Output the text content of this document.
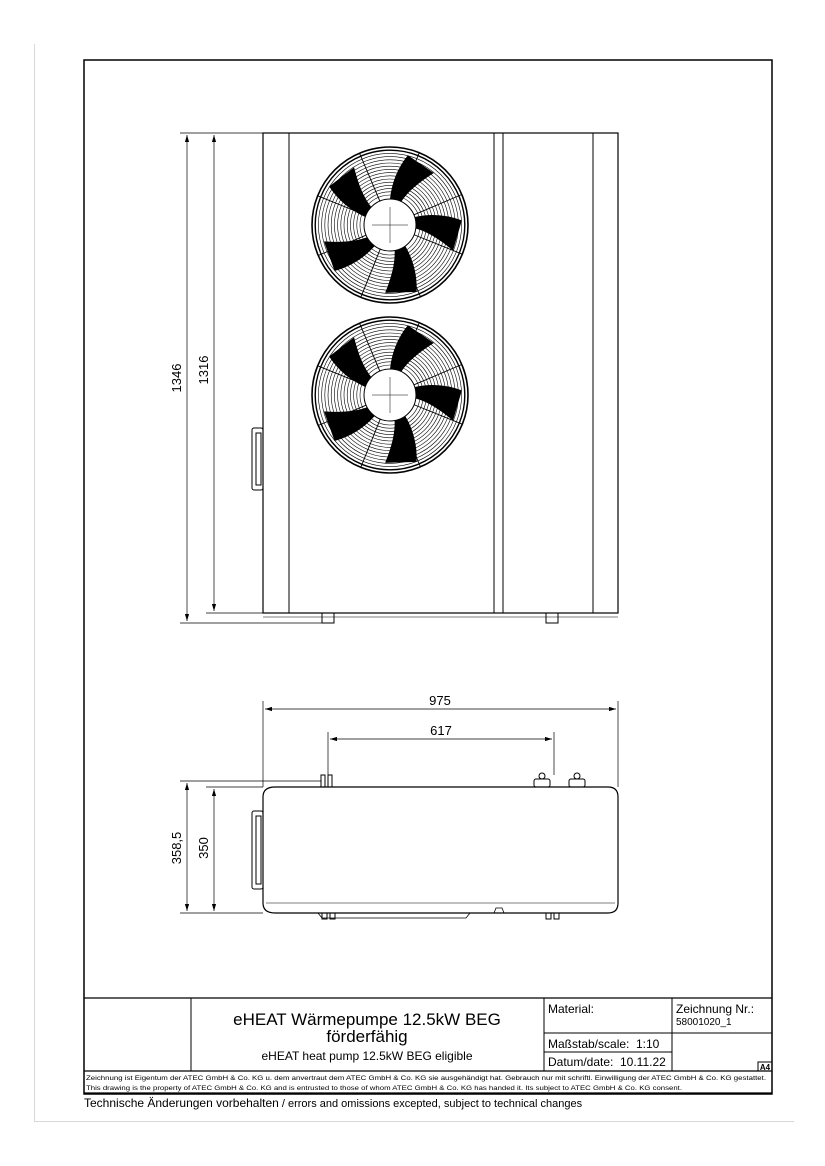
1346 1316
975
617
358,5 350
eHEAT Wärmepumpe 12.5kW BEG
förderfähig
eHEAT heat pump 12.5kW BEG eligible
Material:	Zeichnung Nr.:
58001020_1
Maßstab/scale: 1:10
Datum/date: 10.11.22	A4
Zeichnung ist Eigentum der ATEC GmbH & Co. KG u. dem anvertraut dem ATEC GmbH & Co. KG sie ausgehändigt hat. Gebrauch nur mit schriftl. Einwilligung der ATEC GmbH & Co. KG gestattet.
This drawing is the property of ATEC GmbH & Co. KG and is entrusted to those of whom ATEC GmbH & Co. KG has handed it. Its subject to ATEC GmbH & Co. KG consent.
Technische Änderungen vorbehalten / errors and omissions excepted, subject to technical changes
